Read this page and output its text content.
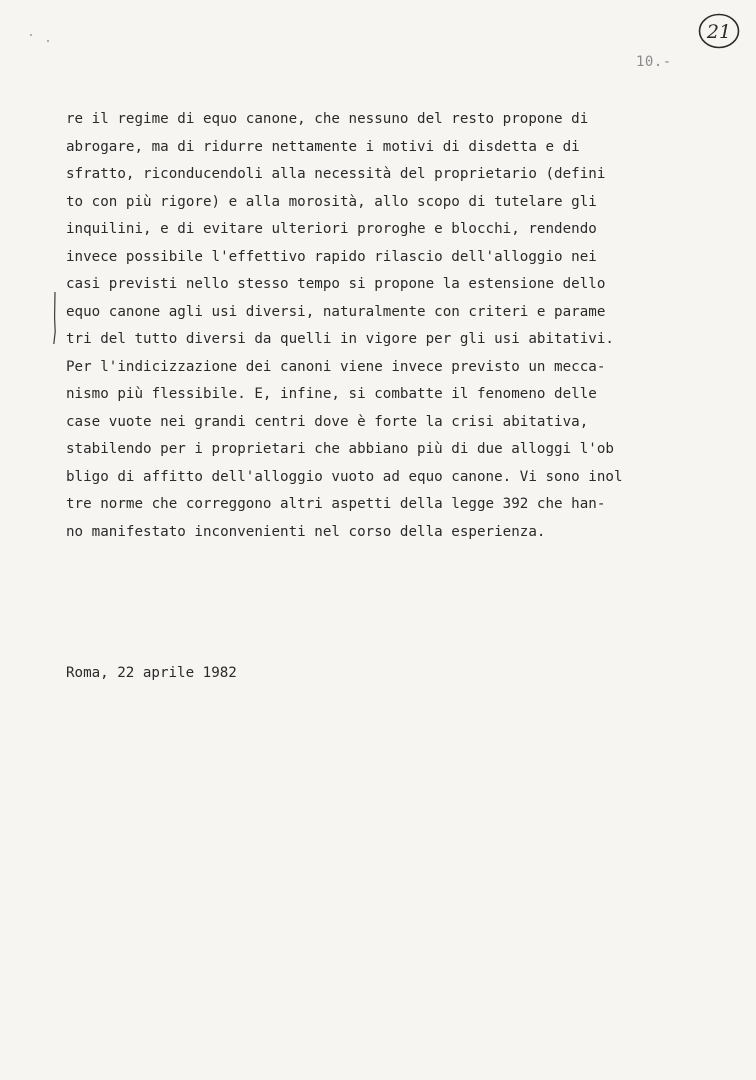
21
10.-
re il regime di equo canone, che nessuno del resto propone di
abrogare, ma di ridurre nettamente i motivi di disdetta e di
sfratto, riconducendoli alla necessità del proprietario (defini
to con più rigore) e alla morosità, allo scopo di tutelare gli
inquilini, e di evitare ulteriori proroghe e blocchi, rendendo
invece possibile l'effettivo rapido rilascio dell'alloggio nei
casi previsti nello stesso tempo si propone la estensione dello
equo canone agli usi diversi, naturalmente con criteri e parame
tri del tutto diversi da quelli in vigore per gli usi abitativi.
Per l'indicizzazione dei canoni viene invece previsto un mecca-
nismo più flessibile. E, infine, si combatte il fenomeno delle
case vuote nei grandi centri dove è forte la crisi abitativa,
stabilendo per i proprietari che abbiano più di due alloggi l'ob
bligo di affitto dell'alloggio vuoto ad equo canone. Vi sono inol
tre norme che correggono altri aspetti della legge 392 che han-
no manifestato inconvenienti nel corso della esperienza.
Roma, 22 aprile 1982
